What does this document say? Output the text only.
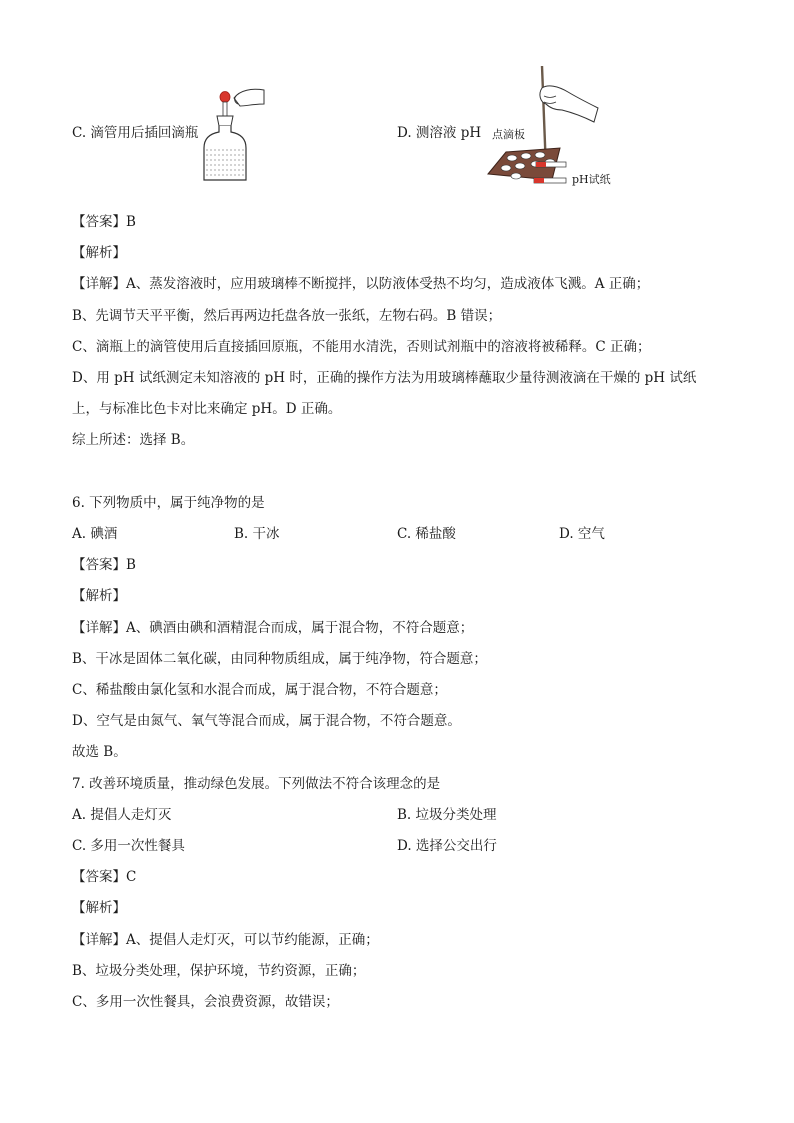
C. 滴管用后插回滴瓶	D. 测溶液 pH 点滴板
pH试纸
【答案】B
【解析】
【详解】A、蒸发溶液时，应用玻璃棒不断搅拌，以防液体受热不均匀，造成液体飞溅。A 正确；
B、先调节天平平衡，然后再两边托盘各放一张纸，左物右码。B 错误；
C、滴瓶上的滴管使用后直接插回原瓶，不能用水清洗，否则试剂瓶中的溶液将被稀释。C 正确；
D、用 pH 试纸测定未知溶液的 pH 时，正确的操作方法为用玻璃棒蘸取少量待测液滴在干燥的 pH 试纸
上，与标准比色卡对比来确定 pH。D 正确。
综上所述：选择 B。
6. 下列物质中，属于纯净物的是
A. 碘酒	B. 干冰	C. 稀盐酸	D. 空气
【答案】B
【解析】
【详解】A、碘酒由碘和酒精混合而成，属于混合物，不符合题意；
B、干冰是固体二氧化碳，由同种物质组成，属于纯净物，符合题意；
C、稀盐酸由氯化氢和水混合而成，属于混合物，不符合题意；
D、空气是由氮气、氧气等混合而成，属于混合物，不符合题意。
故选 B。
7. 改善环境质量，推动绿色发展。下列做法不符合该理念的是
A. 提倡人走灯灭	B. 垃圾分类处理
C. 多用一次性餐具	D. 选择公交出行
【答案】C
【解析】
【详解】A、提倡人走灯灭，可以节约能源，正确；
B、垃圾分类处理，保护环境，节约资源，正确；
C、多用一次性餐具，会浪费资源，故错误；
